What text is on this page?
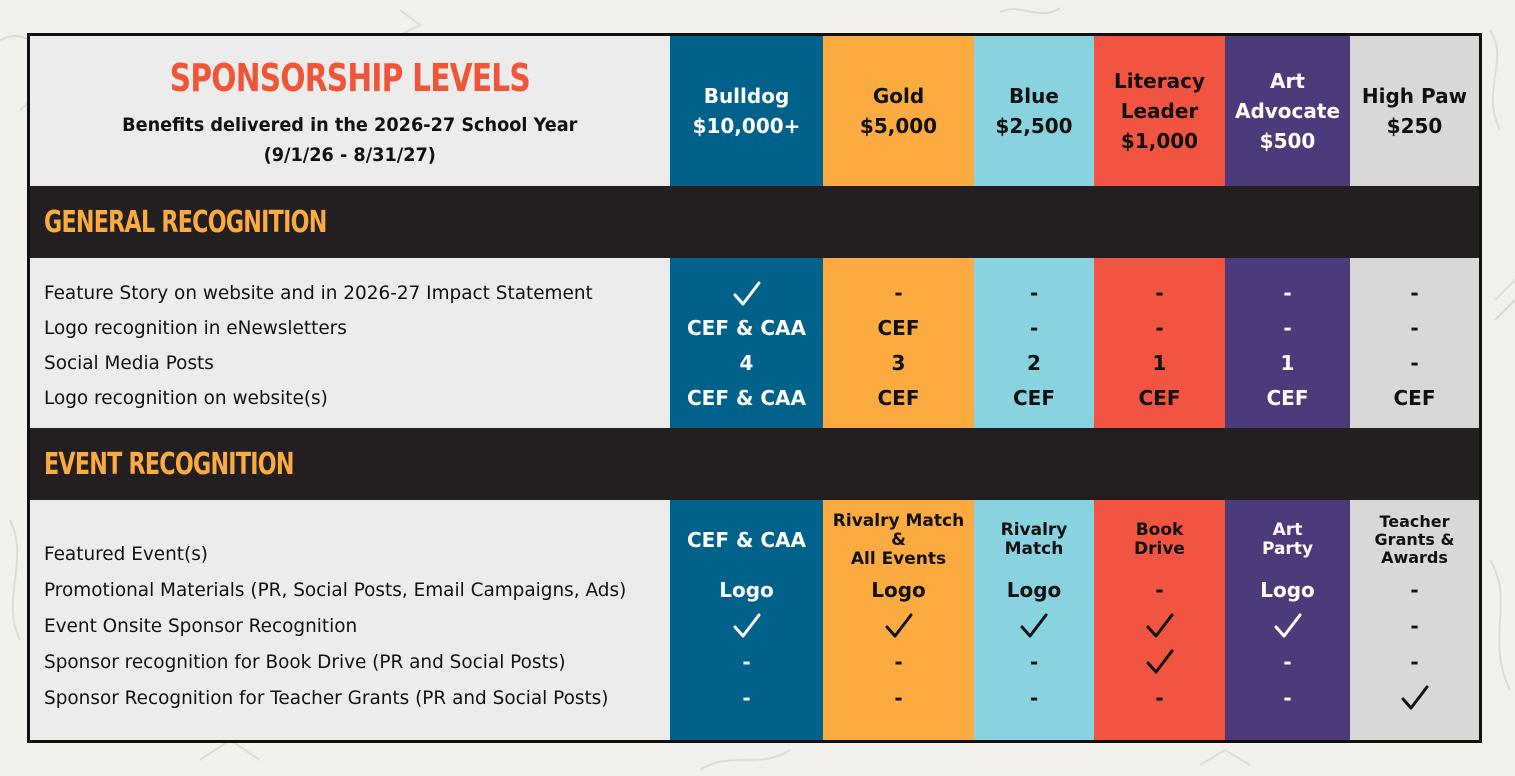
SPONSORSHIP LEVELS
Benefits delivered in the 2026-27 School Year
(9/1/26 - 8/31/27)
Bulldog
$10,000+
Gold
$5,000
Blue
$2,500
Literacy
Leader
$1,000
Art
Advocate
$500
High Paw
$250
GENERAL RECOGNITION
Feature Story on website and in 2026-27 Impact Statement
Logo recognition in eNewsletters
Social Media Posts
Logo recognition on website(s)
CEF & CAA
4
CEF & CAA
-
CEF
3
CEF
-
-
2
CEF
-
-
1
CEF
-
-
1
CEF
-
-
-
CEF
EVENT RECOGNITION
Featured Event(s)
Promotional Materials (PR, Social Posts, Email Campaigns, Ads)
Event Onsite Sponsor Recognition
Sponsor recognition for Book Drive (PR and Social Posts)
Sponsor Recognition for Teacher Grants (PR and Social Posts)
CEF & CAA
Logo
-
-
Rivalry Match &
All Events
Logo
-
-
Rivalry
Match
Logo
-
-
Book
Drive
-
-
Art
Party
Logo
-
-
Teacher
Grants &
Awards
-
-
-
